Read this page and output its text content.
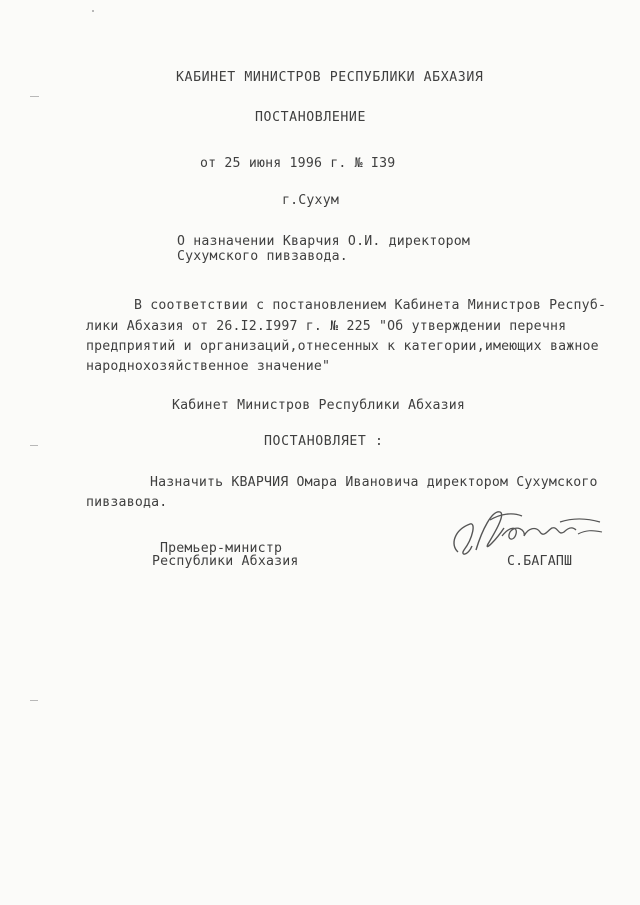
КАБИНЕТ МИНИСТРОВ РЕСПУБЛИКИ АБХАЗИЯ

ПОСТАНОВЛЕНИЕ

от 25 июня 1996 г. № I39

г.Сухум

О назначении Кварчия О.И. директором

Сухумского пивзавода.

В соответствии с постановлением Кабинета Министров Респуб-

лики Абхазия от 26.I2.I997 г. № 225 "Об утверждении перечня

предприятий и организаций,отнесенных к категории,имеющих важное

народнохозяйственное значение"

Кабинет Министров Республики Абхазия

ПОСТАНОВЛЯЕТ :

Назначить КВАРЧИЯ Омара Ивановича директором Сухумского

пивзавода.

Премьер-министр

Республики Абхазия	С.БАГАПШ
